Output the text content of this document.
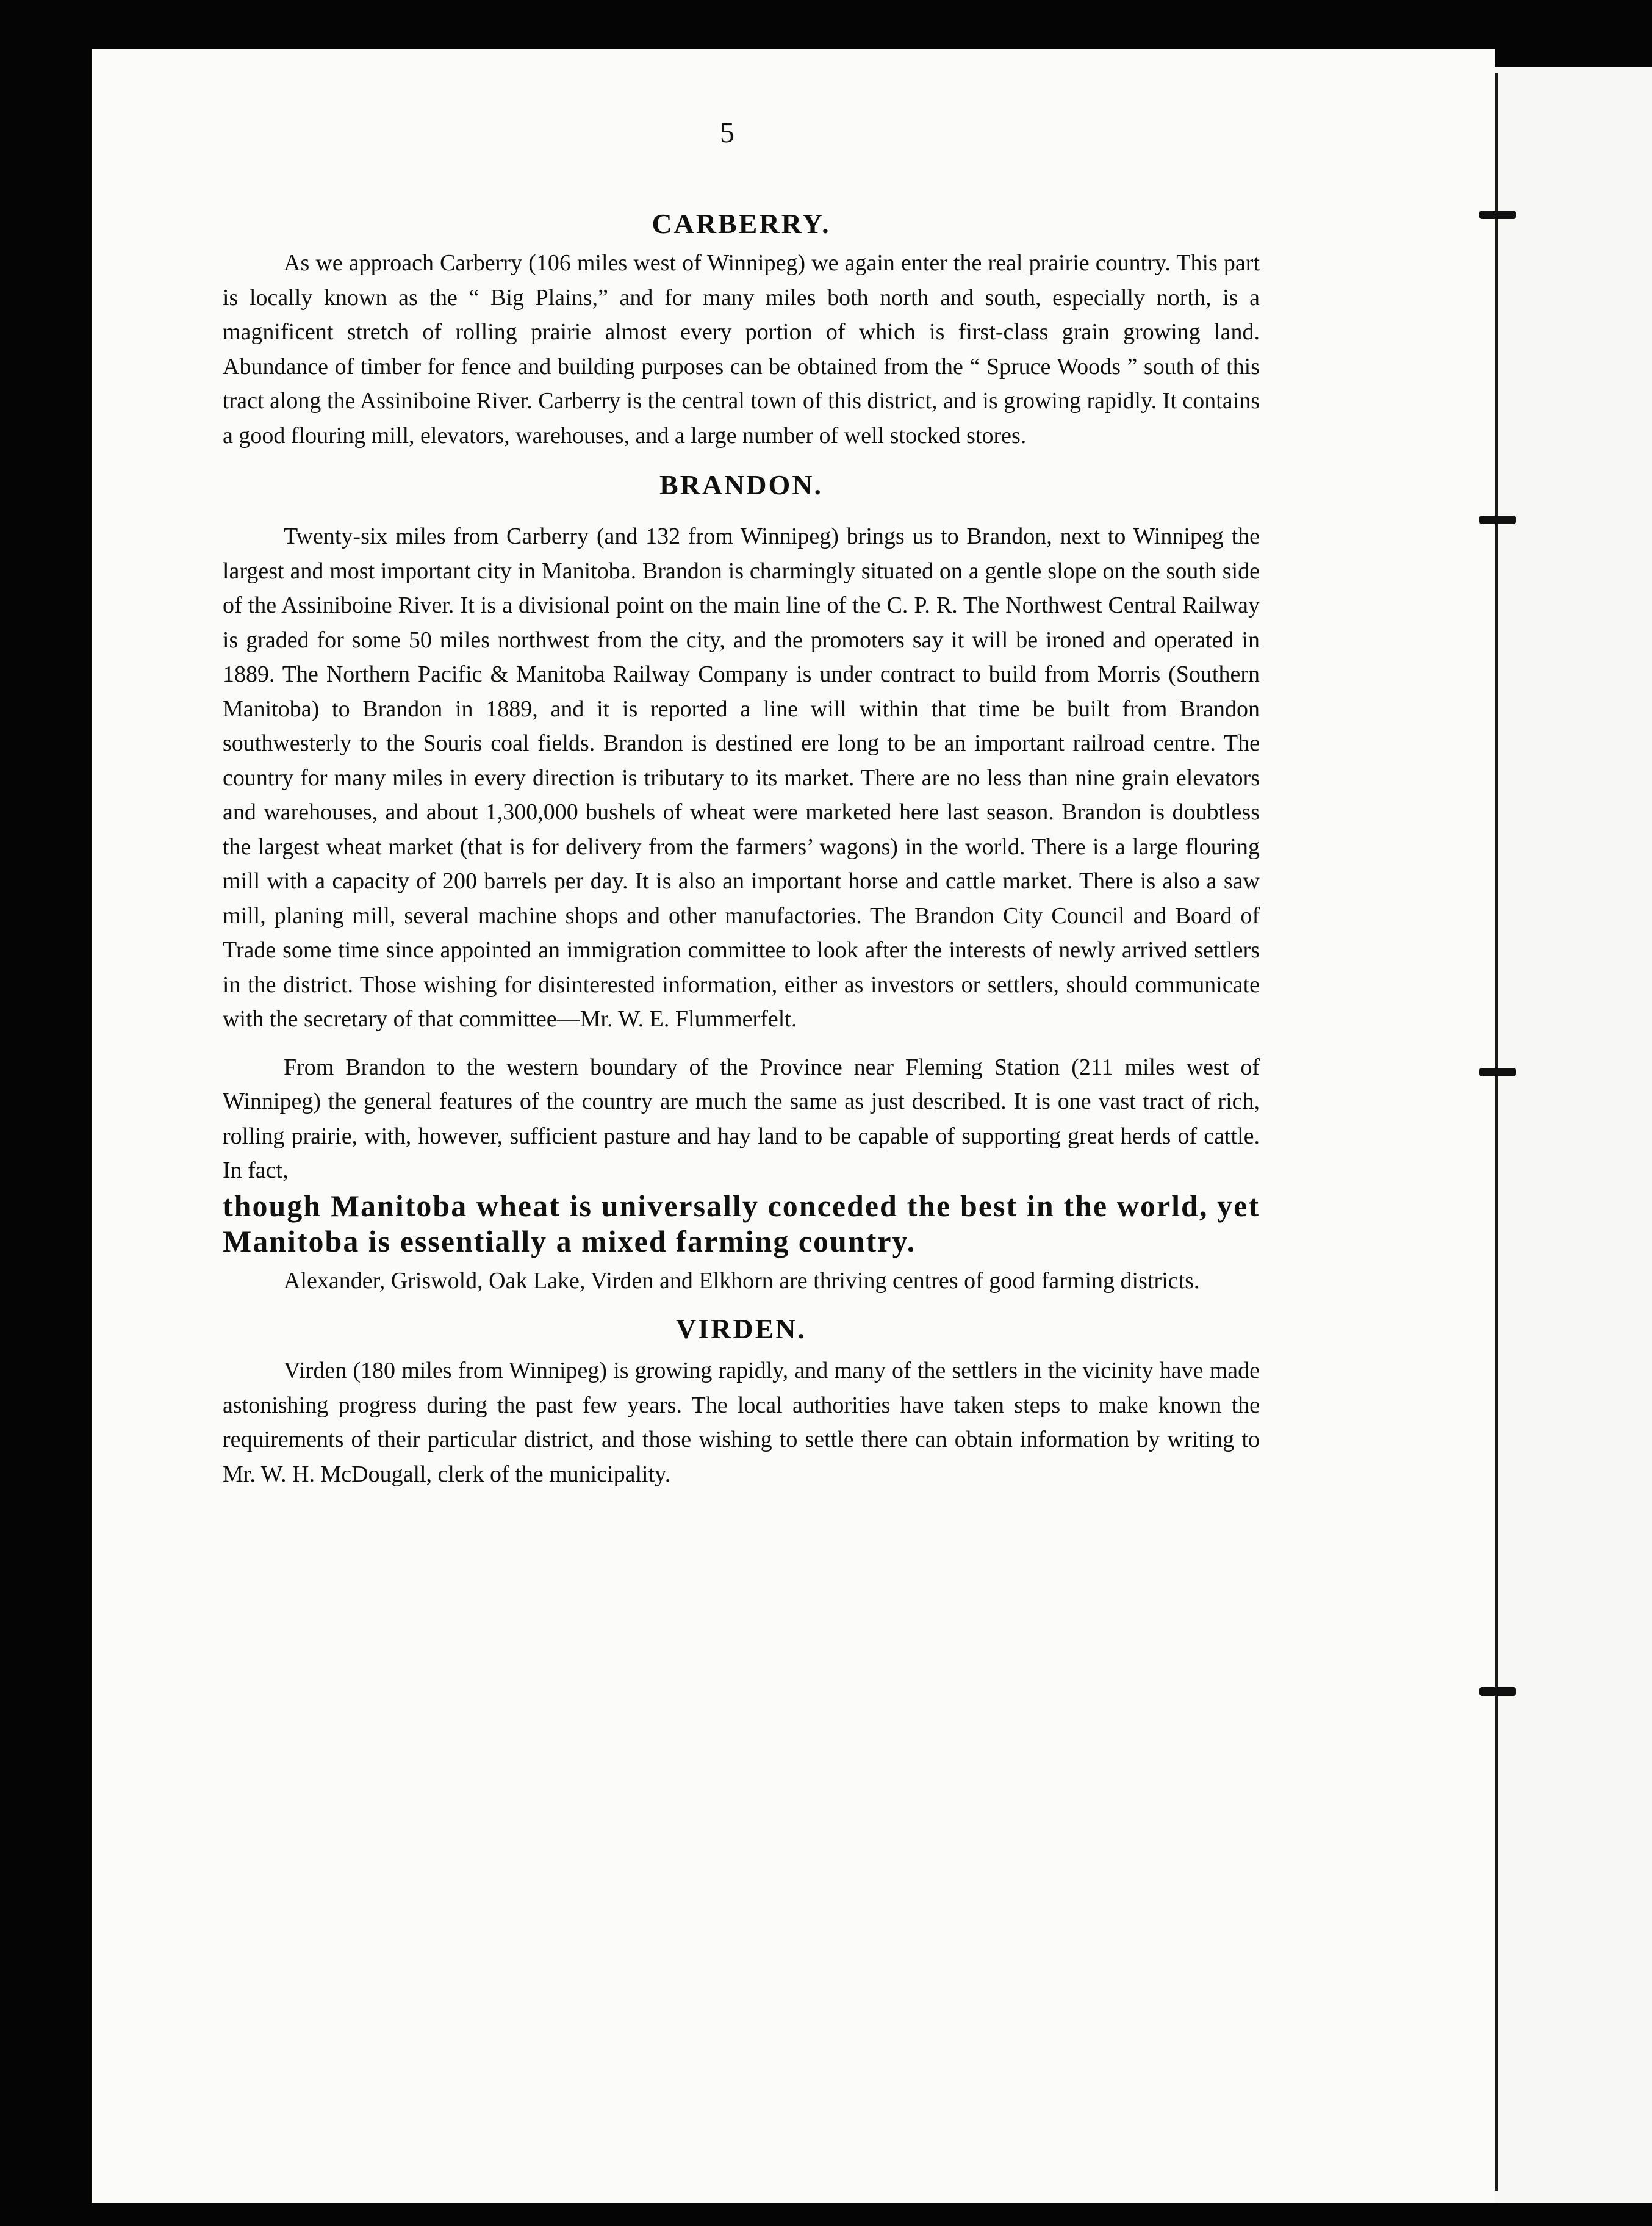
5
CARBERRY.

As we approach Carberry (106 miles west of Winnipeg) we again enter the real prairie country. This part is locally known as the “ Big Plains,” and for many miles both north and south, especially north, is a magnificent stretch of rolling prairie almost every portion of which is first-class grain growing land. Abundance of timber for fence and building purposes can be obtained from the “ Spruce Woods ” south of this tract along the Assiniboine River. Carberry is the central town of this district, and is growing rapidly. It contains a good flouring mill, elevators, warehouses, and a large number of well stocked stores.

BRANDON.

Twenty-six miles from Carberry (and 132 from Winnipeg) brings us to Brandon, next to Winnipeg the largest and most important city in Manitoba. Brandon is charmingly situated on a gentle slope on the south side of the Assiniboine River. It is a divisional point on the main line of the C. P. R. The Northwest Central Railway is graded for some 50 miles northwest from the city, and the promoters say it will be ironed and operated in 1889. The Northern Pacific & Manitoba Railway Company is under contract to build from Morris (Southern Manitoba) to Brandon in 1889, and it is reported a line will within that time be built from Brandon southwesterly to the Souris coal fields. Brandon is destined ere long to be an important railroad centre. The country for many miles in every direction is tributary to its market. There are no less than nine grain elevators and warehouses, and about 1,300,000 bushels of wheat were marketed here last season. Brandon is doubtless the largest wheat market (that is for delivery from the farmers’ wagons) in the world. There is a large flouring mill with a capacity of 200 barrels per day. It is also an important horse and cattle market. There is also a saw mill, planing mill, several machine shops and other manufactories. The Brandon City Council and Board of Trade some time since appointed an immigration committee to look after the interests of newly arrived settlers in the district. Those wishing for disinterested information, either as investors or settlers, should communicate with the secretary of that committee—Mr. W. E. Flummerfelt.

From Brandon to the western boundary of the Province near Fleming Station (211 miles west of Winnipeg) the general features of the country are much the same as just described. It is one vast tract of rich, rolling prairie, with, however, sufficient pasture and hay land to be capable of supporting great herds of cattle. In fact,

though Manitoba wheat is universally conceded the best in the world, yet Manitoba is essentially a mixed farming country.

Alexander, Griswold, Oak Lake, Virden and Elkhorn are thriving centres of good farming districts.

VIRDEN.

Virden (180 miles from Winnipeg) is growing rapidly, and many of the settlers in the vicinity have made astonishing progress during the past few years. The local authorities have taken steps to make known the requirements of their particular district, and those wishing to settle there can obtain information by writing to Mr. W. H. McDougall, clerk of the municipality.
